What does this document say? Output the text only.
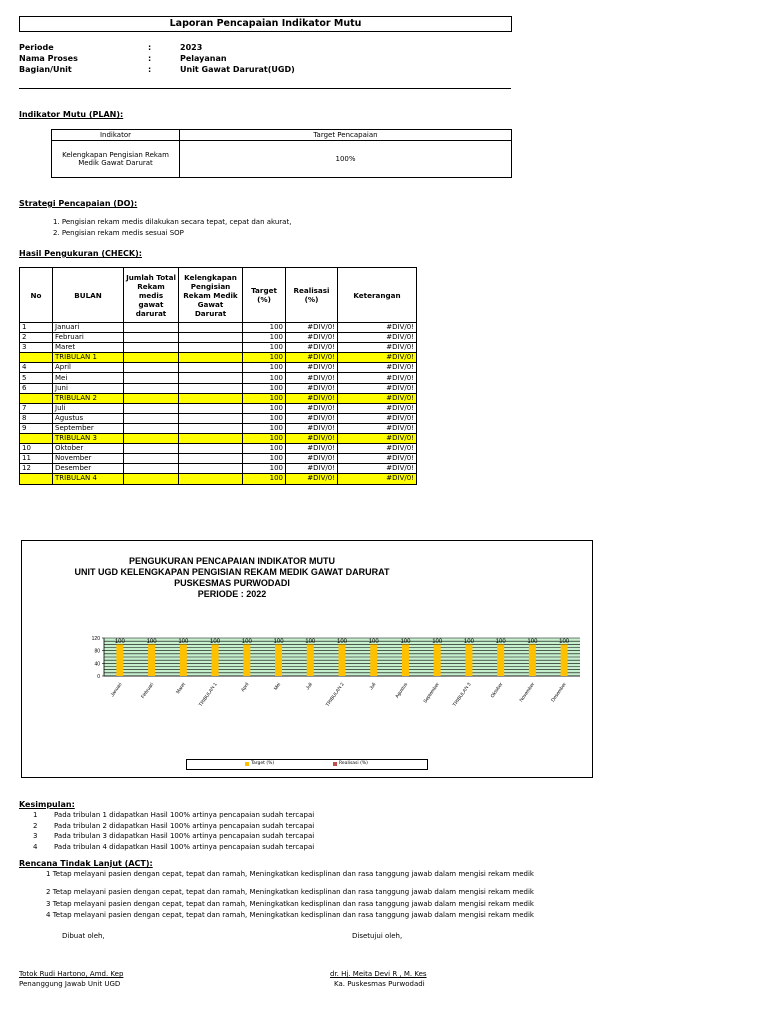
Laporan Pencapaian Indikator Mutu
Periode	:	2023
Nama Proses	:	Pelayanan
Bagian/Unit	:	Unit Gawat Darurat(UGD)
Indikator Mutu (PLAN):
Indikator	Target Pencapaian

Kelengkapan Pengisian Rekam
Medik Gawat Darurat	100%
Strategi Pencapaian (DO):
1. Pengisian rekam medis dilakukan secara tepat, cepat dan akurat,
2. Pengisian rekam medis sesuai SOP
Hasil Pengukuran (CHECK):
No	BULAN	Jumlah Total Rekam medis gawat darurat	Kelengkapan Pengisian Rekam Medik Gawat Darurat	Target (%)	Realisasi (%)	Keterangan
1	Januari			100	#DIV/0!	#DIV/0!
2	Februari			100	#DIV/0!	#DIV/0!
3	Maret			100	#DIV/0!	#DIV/0!
	TRIBULAN 1			100	#DIV/0!	#DIV/0!
4	April			100	#DIV/0!	#DIV/0!
5	Mei			100	#DIV/0!	#DIV/0!
6	Juni			100	#DIV/0!	#DIV/0!
	TRIBULAN 2			100	#DIV/0!	#DIV/0!
7	Juli			100	#DIV/0!	#DIV/0!
8	Agustus			100	#DIV/0!	#DIV/0!
9	September			100	#DIV/0!	#DIV/0!
	TRIBULAN 3			100	#DIV/0!	#DIV/0!
10	Oktober			100	#DIV/0!	#DIV/0!
11	November			100	#DIV/0!	#DIV/0!
12	Desember			100	#DIV/0!	#DIV/0!
	TRIBULAN 4			100	#DIV/0!	#DIV/0!
PENGUKURAN PENCAPAIAN INDIKATOR MUTU
UNIT UGD KELENGKAPAN PENGISIAN REKAM MEDIK GAWAT DARURAT
PUSKESMAS PURWODADI
PERIODE : 2022
120
80
40
0
100
Januari
100
Februari
100
Maret
100
TRIBULAN 1
100
April
100
Mei
100
Juli
100
TRIBULAN 2
100
Juli
100
Agustus
100
September
100
TRIBULAN 3
100
Oktober
100
November
100
Desember
Target (%)	Realisasi (%)
Kesimpulan:
1 Pada tribulan 1 didapatkan Hasil 100% artinya pencapaian sudah tercapai
2 Pada tribulan 2 didapatkan Hasil 100% artinya pencapaian sudah tercapai
3 Pada tribulan 3 didapatkan Hasil 100% artinya pencapaian sudah tercapai
4 Pada tribulan 4 didapatkan Hasil 100% artinya pencapaian sudah tercapai
Rencana Tindak Lanjut (ACT):
1 Tetap melayani pasien dengan cepat, tepat dan ramah, Meningkatkan kedisplinan dan rasa tanggung jawab dalam mengisi rekam medik
2 Tetap melayani pasien dengan cepat, tepat dan ramah, Meningkatkan kedisplinan dan rasa tanggung jawab dalam mengisi rekam medik
3 Tetap melayani pasien dengan cepat, tepat dan ramah, Meningkatkan kedisplinan dan rasa tanggung jawab dalam mengisi rekam medik
4 Tetap melayani pasien dengan cepat, tepat dan ramah, Meningkatkan kedisplinan dan rasa tanggung jawab dalam mengisi rekam medik
Dibuat oleh,	Disetujui oleh,
Totok Rudi Hartono, Amd. Kep
Penanggung Jawab Unit UGD
dr. Hj. Meita Devi R , M. Kes
Ka. Puskesmas Purwodadi
